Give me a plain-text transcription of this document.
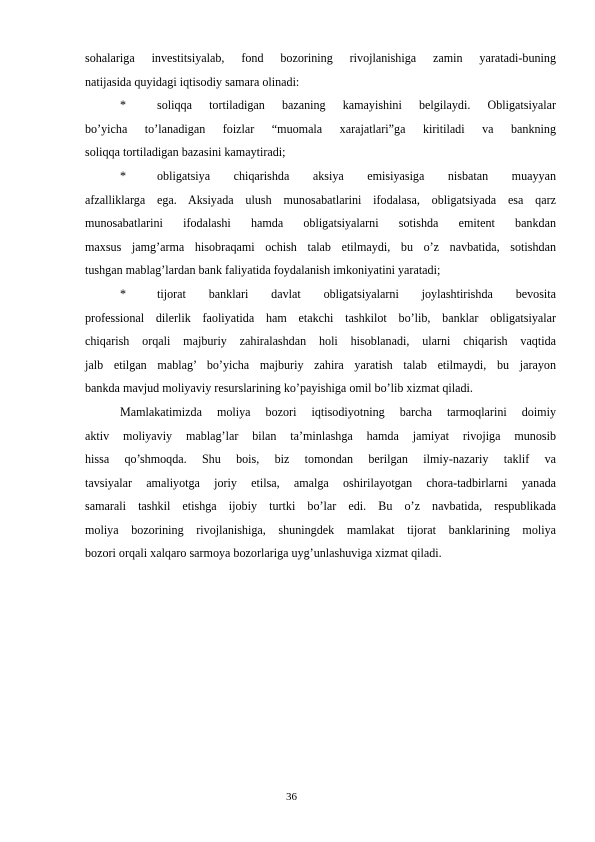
sohalariga investitsiyalab, fond bozorining rivojlanishiga zamin yaratadi-buning
natijasida quyidagi iqtisodiy samara olinadi:
*	soliqqa tortiladigan bazaning kamayishini belgilaydi. Obligatsiyalar
bo’yicha to’lanadigan foizlar “muomala xarajatlari”ga kiritiladi va bankning
soliqqa tortiladigan bazasini kamaytiradi;
*	obligatsiya chiqarishda aksiya emisiyasiga nisbatan muayyan
afzalliklarga ega. Aksiyada ulush munosabatlarini ifodalasa, obligatsiyada esa qarz
munosabatlarini ifodalashi hamda obligatsiyalarni sotishda emitent bankdan
maxsus jamg’arma hisobraqami ochish talab etilmaydi, bu o’z navbatida, sotishdan
tushgan mablag’lardan bank faliyatida foydalanish imkoniyatini yaratadi;
*	tijorat banklari davlat obligatsiyalarni joylashtirishda bevosita
professional dilerlik faoliyatida ham etakchi tashkilot bo’lib, banklar obligatsiyalar
chiqarish orqali majburiy zahiralashdan holi hisoblanadi, ularni chiqarish vaqtida
jalb etilgan mablag’ bo’yicha majburiy zahira yaratish talab etilmaydi, bu jarayon
bankda mavjud moliyaviy resurslarining ko’payishiga omil bo’lib xizmat qiladi.
Mamlakatimizda moliya bozori iqtisodiyotning barcha tarmoqlarini doimiy
aktiv moliyaviy mablag’lar bilan ta’minlashga hamda jamiyat rivojiga munosib
hissa qo’shmoqda. Shu bois, biz tomondan berilgan ilmiy-nazariy taklif va
tavsiyalar amaliyotga joriy etilsa, amalga oshirilayotgan chora-tadbirlarni yanada
samarali tashkil etishga ijobiy turtki bo’lar edi. Bu o’z navbatida, respublikada
moliya bozorining rivojlanishiga, shuningdek mamlakat tijorat banklarining moliya
bozori orqali xalqaro sarmoya bozorlariga uyg’unlashuviga xizmat qiladi.
36
